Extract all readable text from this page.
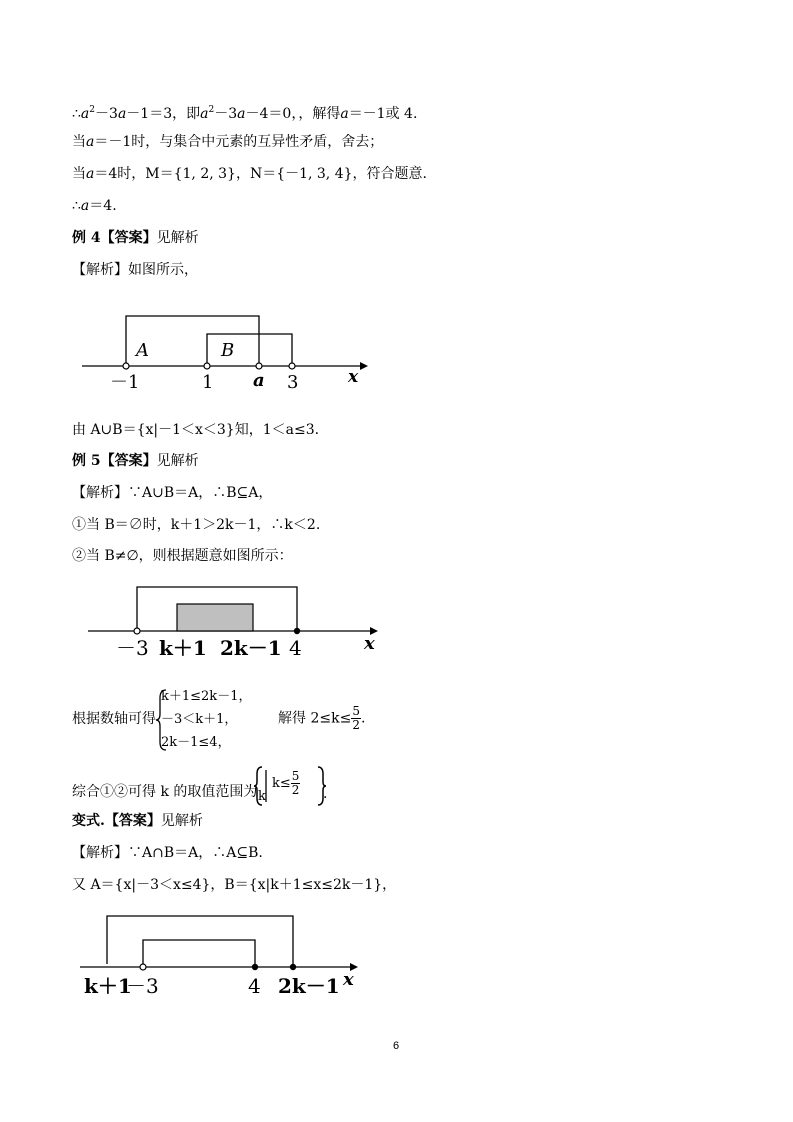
$\therefore a^2-3a-1=3$，即$a^2-3a-4=0$，，解得a＝－1或 4.
当a＝－1时，与集合中元素的互异性矛盾，舍去；
当a＝4时，M＝{1, 2, 3}，N＝{－1, 3, 4}，符合题意.
∴a＝4.
例 4【答案】见解析
【解析】如图所示，
A	B
－1	1 a 3	x
由 A∪B＝{x|－1＜x＜3}知，1＜a≤3.
例 5【答案】见解析
【解析】∵A∪B＝A，∴B⊆A，
①当 B＝∅时，k＋1＞2k－1，∴k＜2.
②当 B≠∅，则根据题意如图所示：
－3 k＋1 2k－1 4	x
根据数轴可得
k＋1≤2k－1，
－3＜k＋1，
2k－1≤4，
解得 $2\le k\le \frac{5}{2}$ .
综合①②可得 k 的取值范围为 k
$k\le \frac{5}{2}$ .
变式.【答案】见解析
【解析】∵A∩B＝A，∴A⊆B.
又 A＝{x|－3＜x≤4}，B＝{x|k＋1≤x≤2k－1}，
k＋1
－3	4 2k－1 x
6
